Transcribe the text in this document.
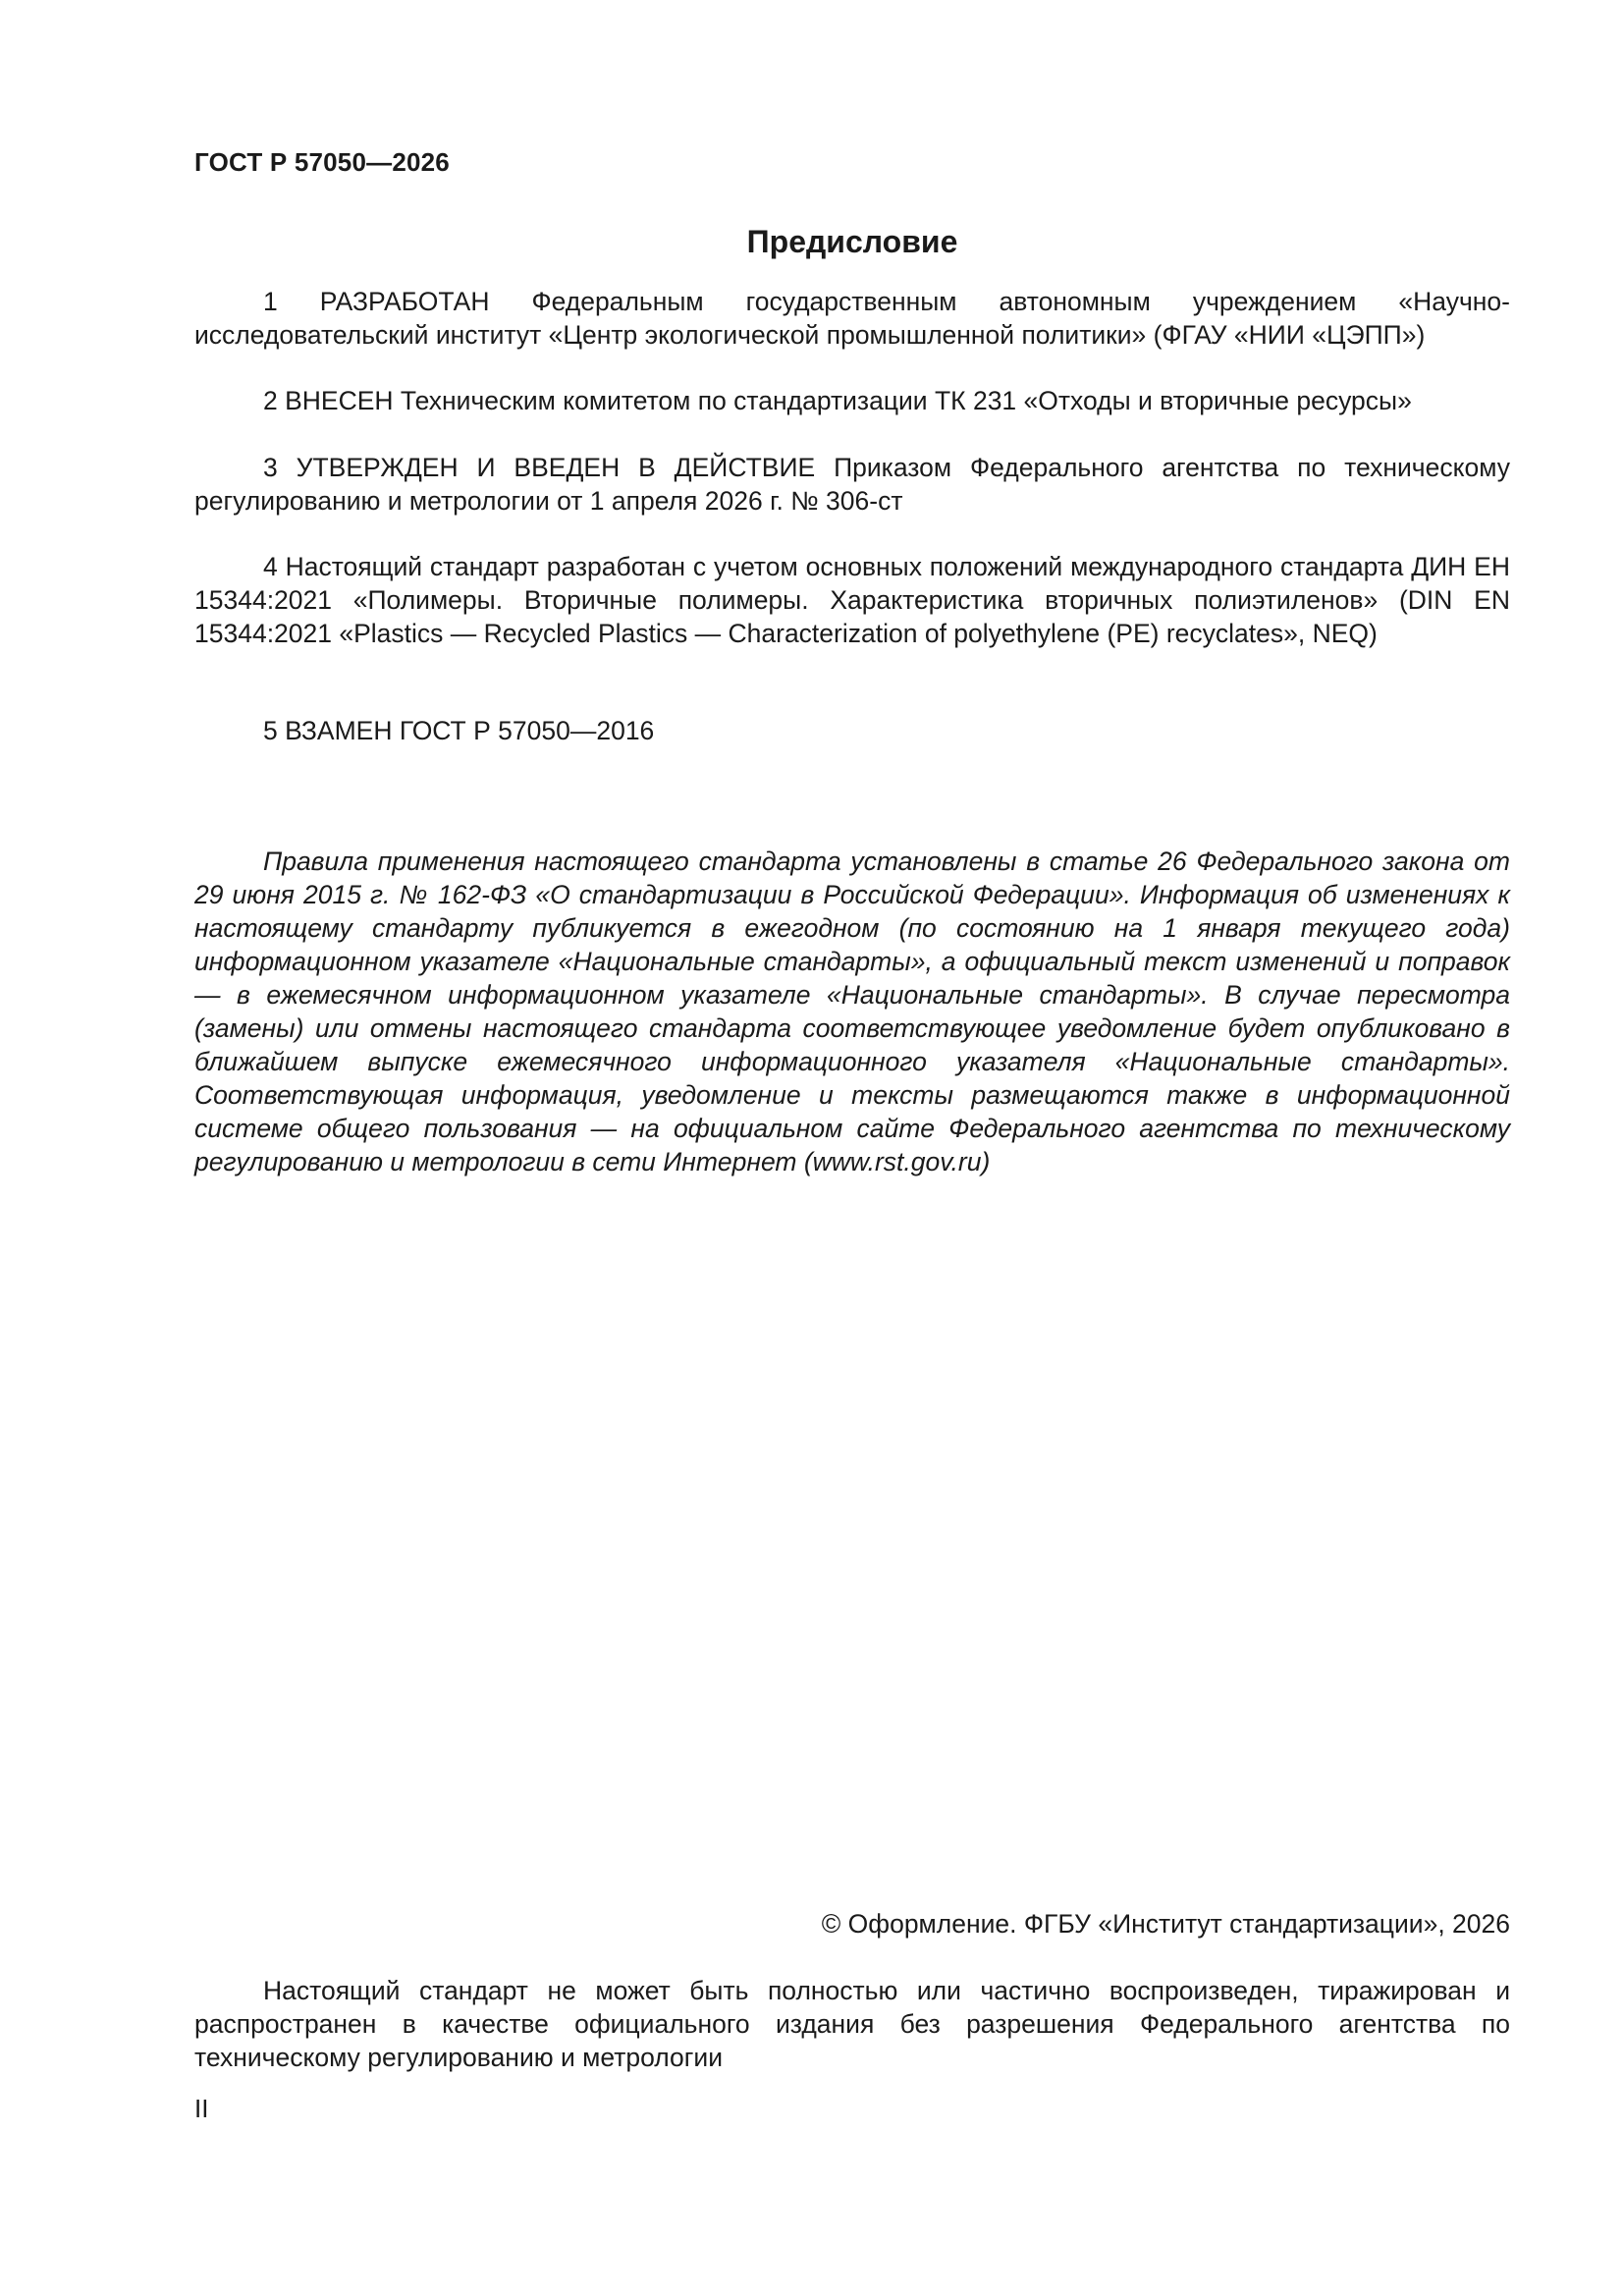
ГОСТ Р 57050—2026
Предисловие

1 РАЗРАБОТАН Федеральным государственным автономным учреждением «Научно-исследовательский институт «Центр экологической промышленной политики» (ФГАУ «НИИ «ЦЭПП»)

2 ВНЕСЕН Техническим комитетом по стандартизации ТК 231 «Отходы и вторичные ресурсы»

3 УТВЕРЖДЕН И ВВЕДЕН В ДЕЙСТВИЕ Приказом Федерального агентства по техническому регулированию и метрологии от 1 апреля 2026 г. № 306-ст

4 Настоящий стандарт разработан с учетом основных положений международного стандарта ДИН ЕН 15344:2021 «Полимеры. Вторичные полимеры. Характеристика вторичных полиэтиленов» (DIN EN 15344:2021 «Plastics — Recycled Plastics — Characterization of polyethylene (PE) recyclates», NEQ)

5 ВЗАМЕН ГОСТ Р 57050—2016

Правила применения настоящего стандарта установлены в статье 26 Федерального закона от 29 июня 2015 г. № 162-ФЗ «О стандартизации в Российской Федерации». Информация об изменениях к настоящему стандарту публикуется в ежегодном (по состоянию на 1 января текущего года) информационном указателе «Национальные стандарты», а официальный текст изменений и поправок — в ежемесячном информационном указателе «Национальные стандарты». В случае пересмотра (замены) или отмены настоящего стандарта соответствующее уведомление будет опубликовано в ближайшем выпуске ежемесячного информационного указателя «Национальные стандарты». Соответствующая информация, уведомление и тексты размещаются также в информационной системе общего пользования — на официальном сайте Федерального агентства по техническому регулированию и метрологии в сети Интернет (www.rst.gov.ru)

© Оформление. ФГБУ «Институт стандартизации», 2026

Настоящий стандарт не может быть полностью или частично воспроизведен, тиражирован и распространен в качестве официального издания без разрешения Федерального агентства по техническому регулированию и метрологии

II
